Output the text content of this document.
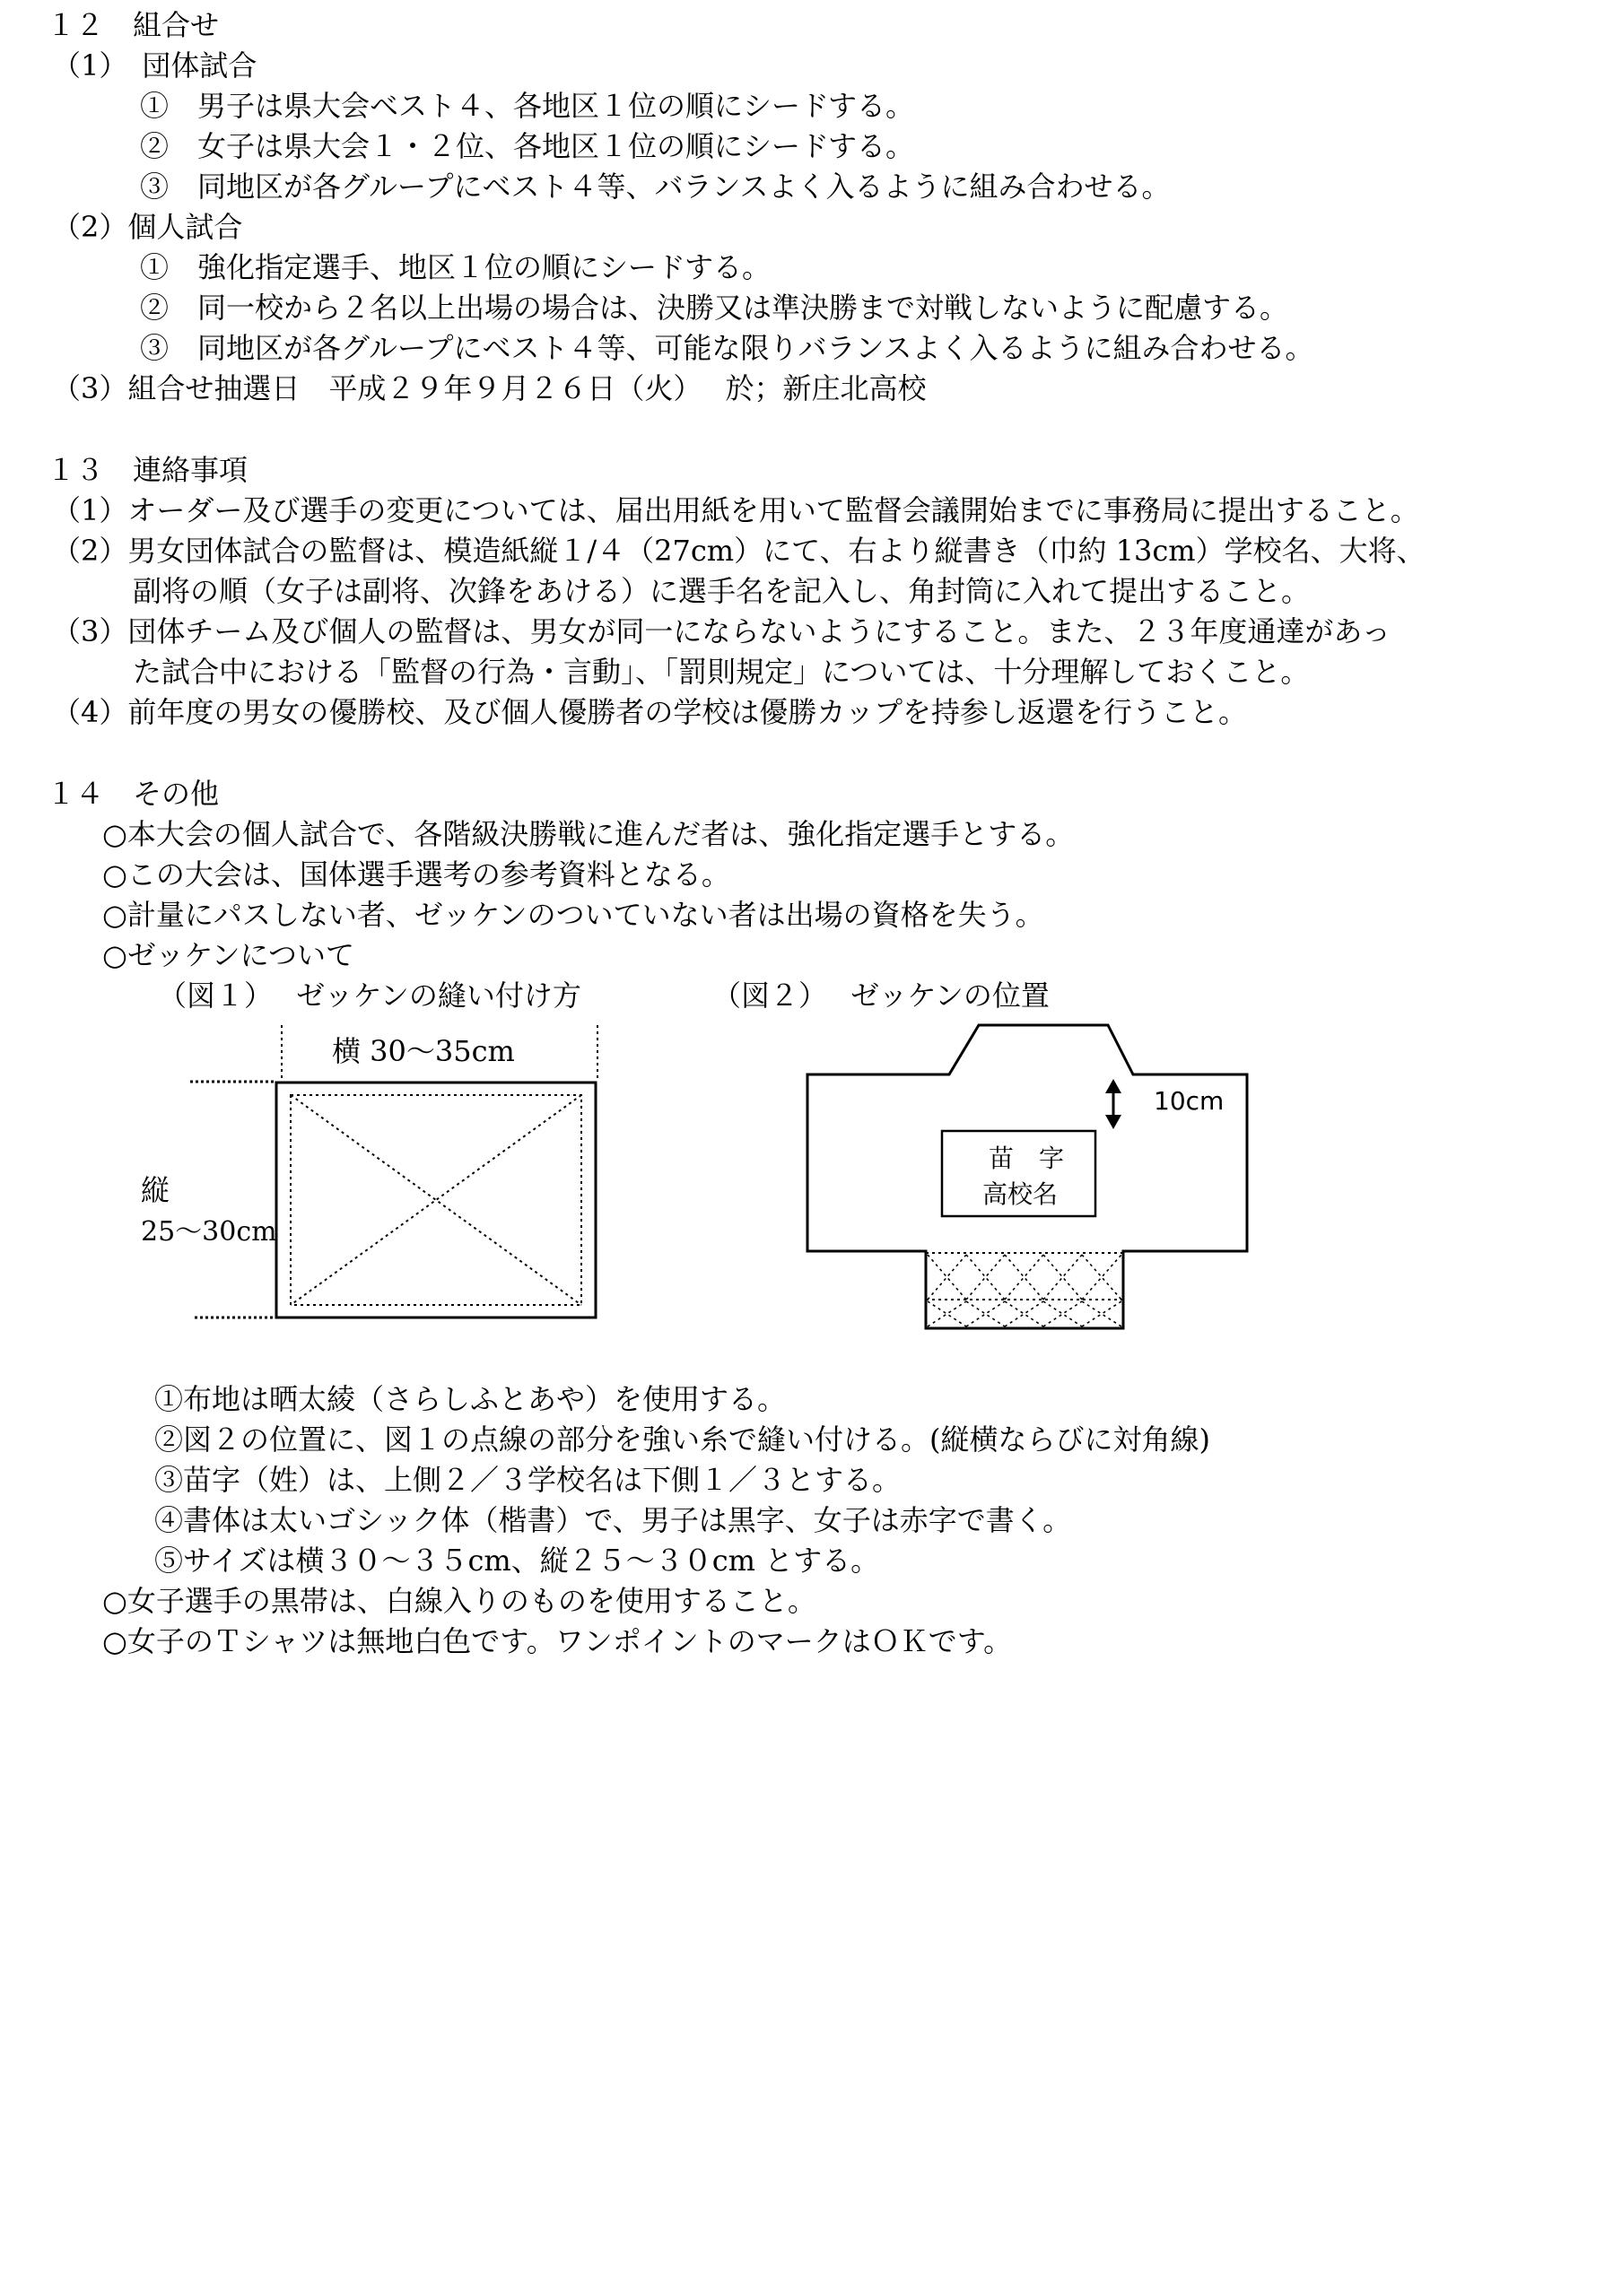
１２　組合せ
（1）　団体試合
①　男子は県大会ベスト４、各地区１位の順にシードする。
②　女子は県大会１・２位、各地区１位の順にシードする。
③　同地区が各グループにベスト４等、バランスよく入るように組み合わせる。
（2）個人試合
①　強化指定選手、地区１位の順にシードする。
②　同一校から２名以上出場の場合は、決勝又は準決勝まで対戦しないように配慮する。
③　同地区が各グループにベスト４等、可能な限りバランスよく入るように組み合わせる。
（3）組合せ抽選日　平成２９年９月２６日（火）　 於；新庄北高校
１３　連絡事項
（1）オーダー及び選手の変更については、届出用紙を用いて監督会議開始までに事務局に提出すること。
（2）男女団体試合の監督は、模造紙縦１/４（27cm）にて、右より縦書き（巾約 13cm）学校名、大将、
副将の順（女子は副将、次鋒をあける）に選手名を記入し、角封筒に入れて提出すること。
（3）団体チーム及び個人の監督は、男女が同一にならないようにすること。また、２３年度通達があっ
た試合中における「監督の行為・言動」、「罰則規定」については、十分理解しておくこと。
（4）前年度の男女の優勝校、及び個人優勝者の学校は優勝カップを持参し返還を行うこと。
１４　その他
○本大会の個人試合で、各階級決勝戦に進んだ者は、強化指定選手とする。
○この大会は、国体選手選考の参考資料となる。
○計量にパスしない者、ゼッケンのついていない者は出場の資格を失う。
○ゼッケンについて
（図１）　 ゼッケンの縫い付け方	（図２）　 ゼッケンの位置
横 30～35cm
縦
25～30cm
苗　字
高校名
10cm
①布地は晒太綾（さらしふとあや）を使用する。
②図２の位置に、図１の点線の部分を強い糸で縫い付ける。(縦横ならびに対角線)
③苗字（姓）は、上側２／３学校名は下側１／３とする。
④書体は太いゴシック体（楷書）で、男子は黒字、女子は赤字で書く。
⑤サイズは横３０～３５cm、縦２５～３０cm とする。
○女子選手の黒帯は、白線入りのものを使用すること。
○女子のＴシャツは無地白色です。ワンポイントのマークはＯＫです。
